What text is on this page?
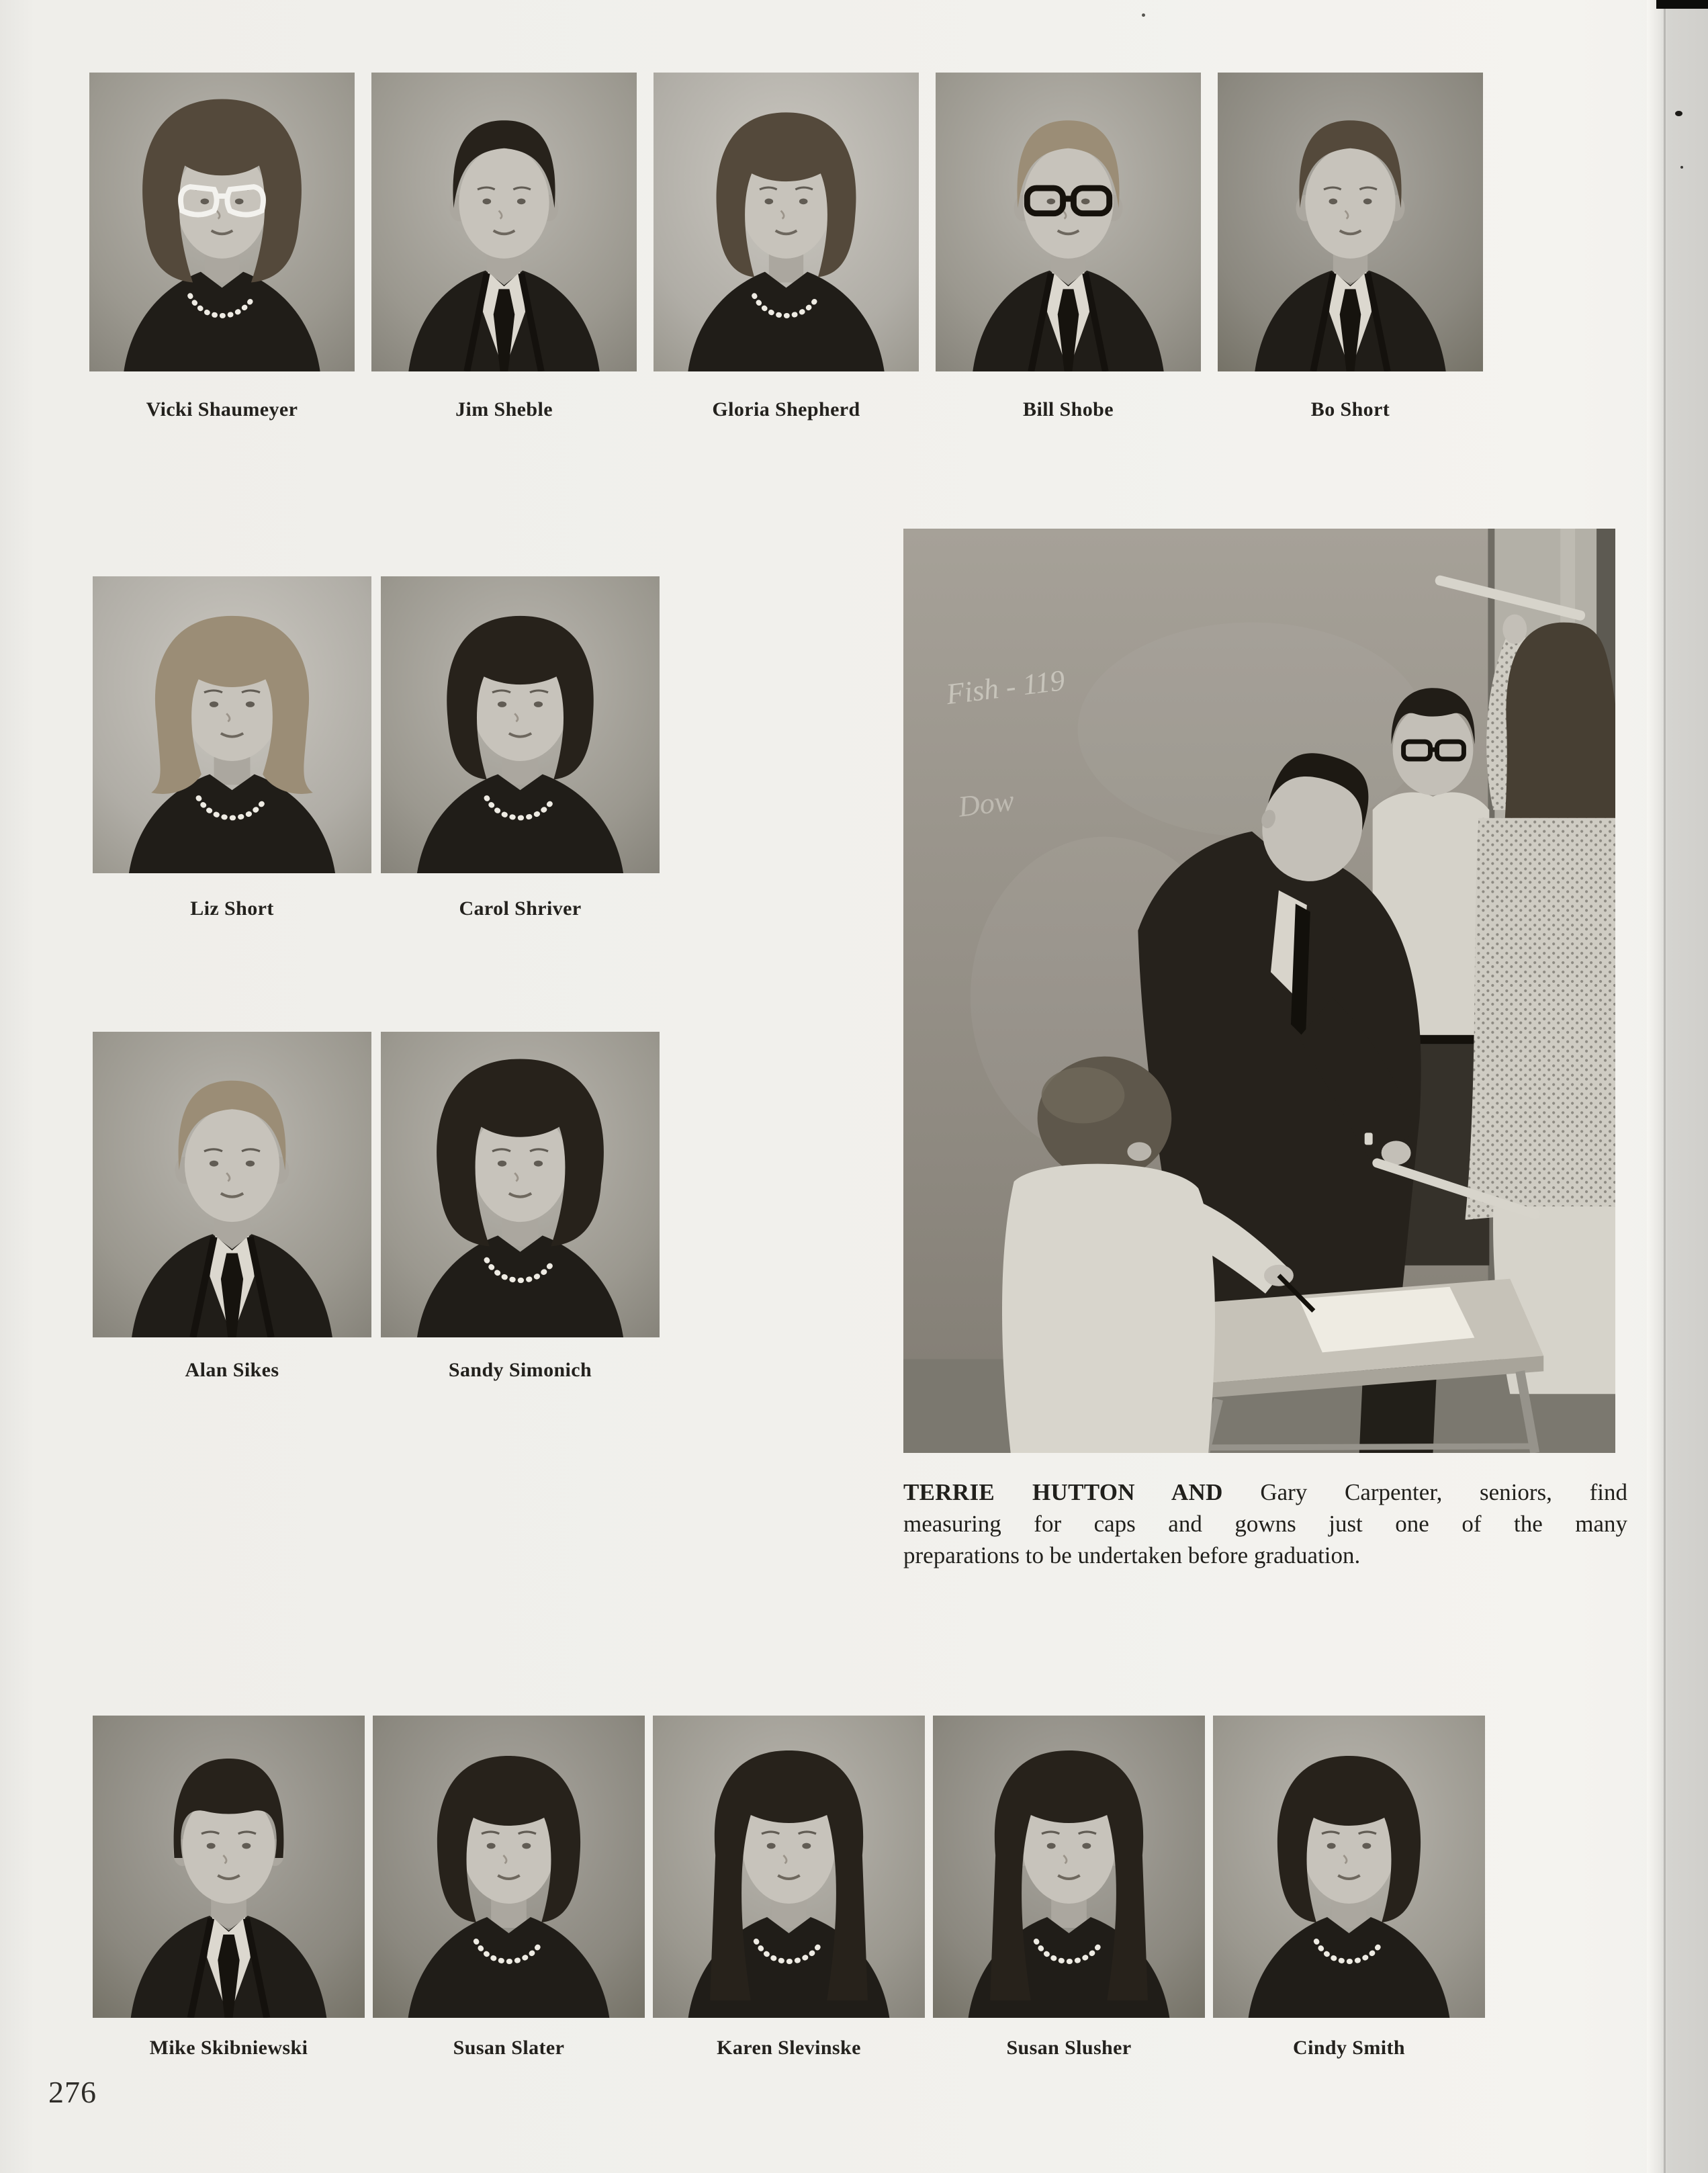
Vicki Shaumeyer	Jim Sheble	Gloria Shepherd	Bill Shobe	Bo Short
Liz Short	Carol Shriver
Alan Sikes	Sandy Simonich
Mike Skibniewski	Susan Slater	Karen Slevinske	Susan Slusher	Cindy Smith
Fish - 119
Dow
TERRIE HUTTON AND Gary Carpenter, seniors, find
measuring for caps and gowns just one of the many
preparations to be undertaken before graduation.
276
